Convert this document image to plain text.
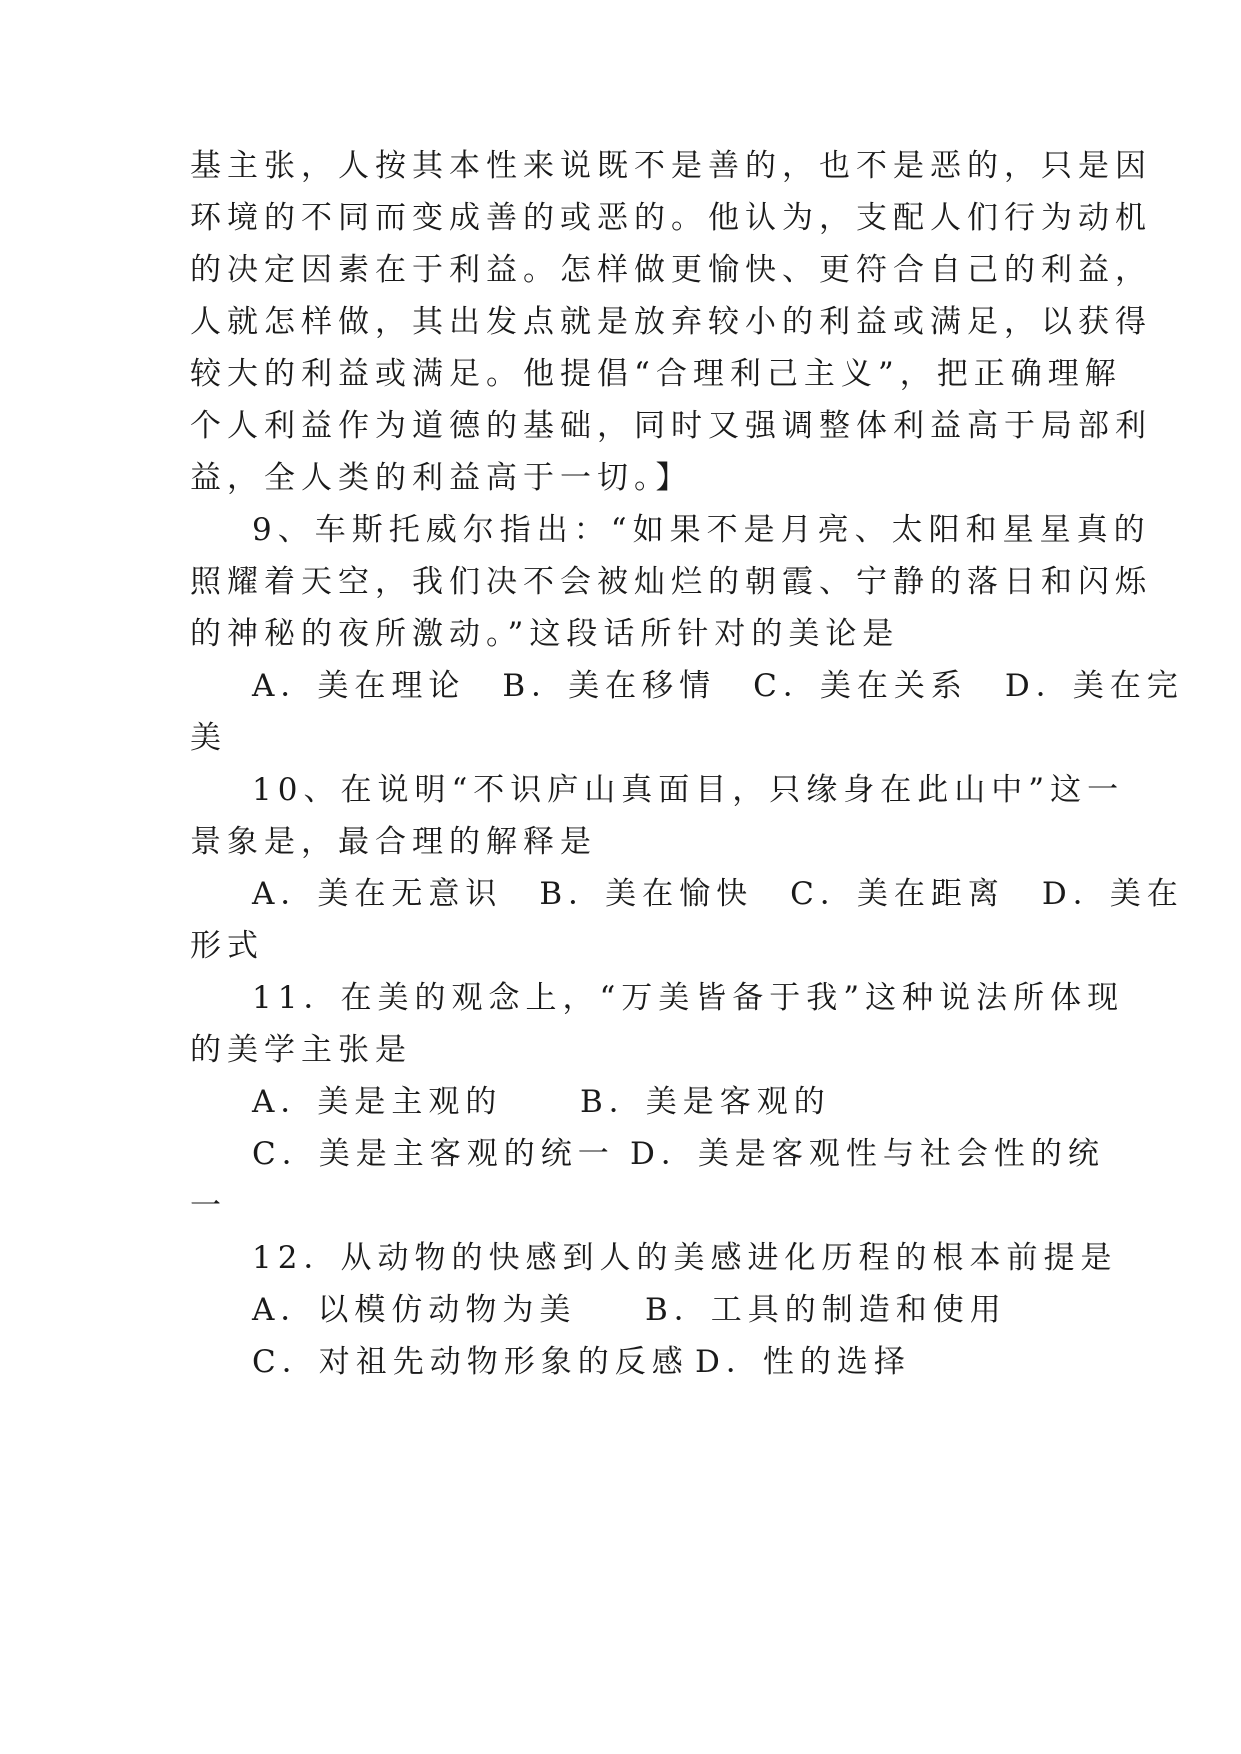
基主张，人按其本性来说既不是善的，也不是恶的，只是因
环境的不同而变成善的或恶的。他认为，支配人们行为动机
的决定因素在于利益。怎样做更愉快、更符合自己的利益，
人就怎样做，其出发点就是放弃较小的利益或满足，以获得
较大的利益或满足。他提倡“合理利己主义”，把正确理解
个人利益作为道德的基础，同时又强调整体利益高于局部利
益，全人类的利益高于一切。】
9、车斯托威尔指出：“如果不是月亮、太阳和星星真的
照耀着天空，我们决不会被灿烂的朝霞、宁静的落日和闪烁
的神秘的夜所激动。”这段话所针对的美论是
A．美在理论　B．美在移情　C．美在关系　D．美在完
美
10、在说明“不识庐山真面目，只缘身在此山中”这一
景象是，最合理的解释是
A．美在无意识　B．美在愉快　C．美在距离　D．美在
形式
11．在美的观念上，“万美皆备于我”这种说法所体现
的美学主张是
A．美是主观的	B．美是客观的
C．美是主客观的统一 D．美是客观性与社会性的统
一
12．从动物的快感到人的美感进化历程的根本前提是
A．以模仿动物为美 B．工具的制造和使用
C．对祖先动物形象的反感 D．性的选择
